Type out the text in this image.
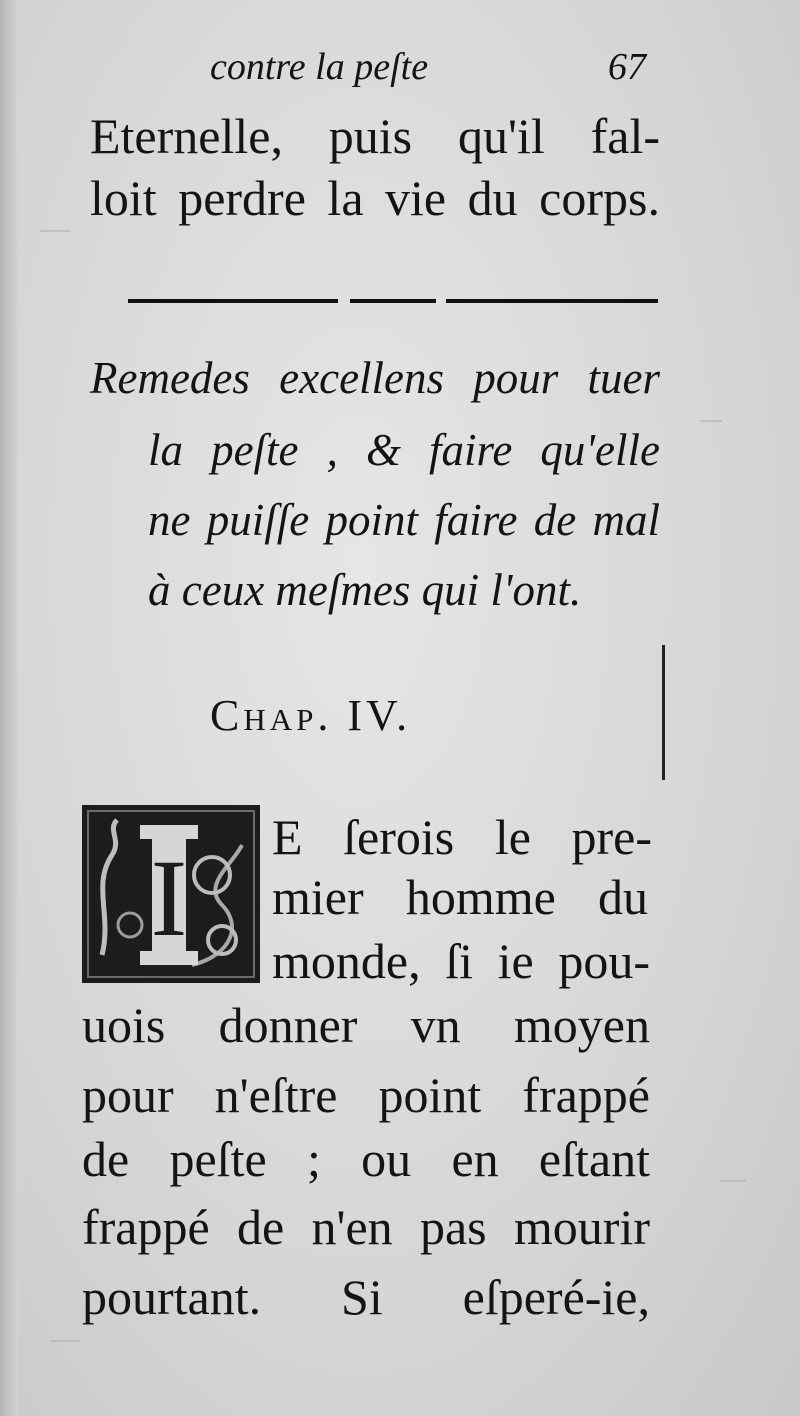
contre la peſte	67
Eternelle, puis qu'il fal-
loit perdre la vie du corps.
Remedes excellens pour tuer
la peſte , & faire qu'elle
ne puiſſe point faire de mal
à ceux meſmes qui l'ont.
Chap. IV.
I E ſerois le pre-
mier homme du
monde, ſi ie pou-
uois donner vn moyen
pour n'eſtre point frappé
de peſte ; ou en eſtant
frappé de n'en pas mourir
pourtant. Si eſperé-ie,
